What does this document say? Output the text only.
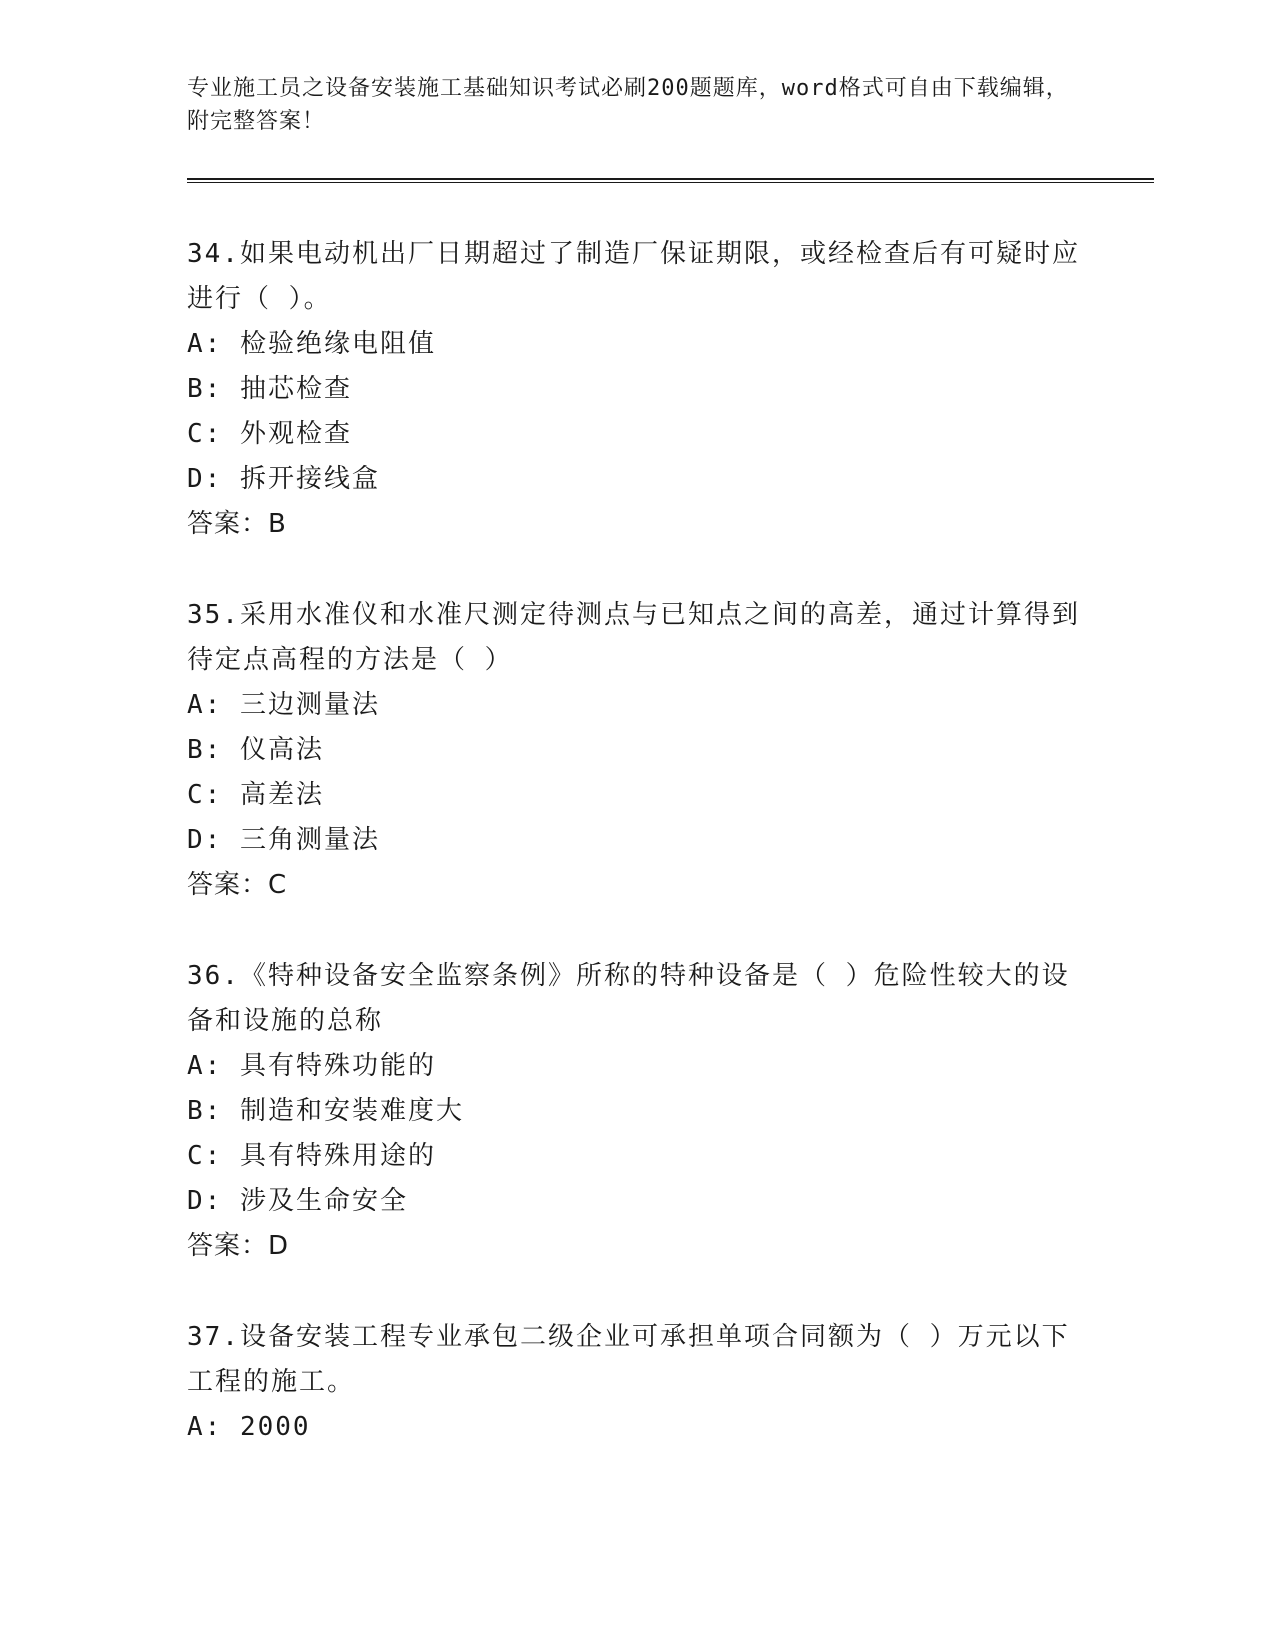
专业施工员之设备安装施工基础知识考试必刷200题题库，word格式可自由下载编辑，附完整答案！
34.如果电动机出厂日期超过了制造厂保证期限，或经检查后有可疑时应进行（ ）。
A: 检验绝缘电阻值
B: 抽芯检查
C: 外观检查
D: 拆开接线盒
答案：B
35.采用水准仪和水准尺测定待测点与已知点之间的高差，通过计算得到待定点高程的方法是（ ）
A: 三边测量法
B: 仪高法
C: 高差法
D: 三角测量法
答案：C
36.《特种设备安全监察条例》所称的特种设备是（ ）危险性较大的设备和设施的总称
A: 具有特殊功能的
B: 制造和安装难度大
C: 具有特殊用途的
D: 涉及生命安全
答案：D
37.设备安装工程专业承包二级企业可承担单项合同额为（ ）万元以下工程的施工。
A: 2000
